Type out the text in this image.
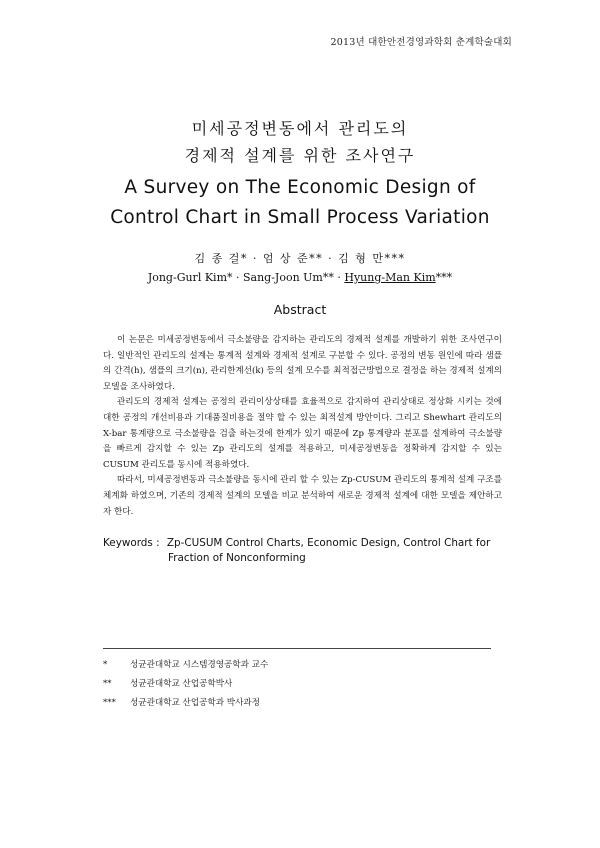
2013년 대한안전경영과학회 춘계학술대회
미세공정변동에서 관리도의
경제적 설계를 위한 조사연구
A Survey on The Economic Design of
Control Chart in Small Process Variation
김 종 걸* · 엄 상 준** · 김 형 만***
Jong-Gurl Kim* · Sang-Joon Um** · Hyung-Man Kim***
Abstract

이 논문은 미세공정변동에서 극소불량을 감지하는 관리도의 경제적 설계를 개발하기 위한 조사연구이다. 일반적인 관리도의 설계는 통계적 설계와 경제적 설계로 구분할 수 있다. 공정의 변동 원인에 따라 샘플의 간격(h), 샘플의 크기(n), 관리한계선(k) 등의 설계 모수를 최적접근방법으로 결정을 하는 경제적 설계의 모델을 조사하였다.

관리도의 경제적 설계는 공정의 관리이상상태를 효율적으로 감지하여 관리상태로 정상화 시키는 것에 대한 공정의 개선비용과 기대품질비용을 절약 할 수 있는 최적설계 방안이다. 그리고 Shewhart 관리도의 X-bar 통계량으로 극소불량을 검출 하는것에 한계가 있기 때문에 Zp 통계량과 분포를 설계하여 극소불량을 빠르게 감지할 수 있는 Zp 관리도의 설계를 적용하고, 미세공정변동을 정확하게 감지할 수 있는 CUSUM 관리도를 동시에 적용하였다.

따라서, 미세공정변동과 극소불량을 동시에 관리 할 수 있는 Zp-CUSUM 관리도의 통계적 설계 구조를 체계화 하였으며, 기존의 경제적 설계의 모델을 비교 분석하여 새로운 경제적 설계에 대한 모델을 제안하고자 한다.

Keywords : Zp-CUSUM Control Charts, Economic Design, Control Chart for
Fraction of Nonconforming
*	성균관대학교 시스템경영공학과 교수
**	성균관대학교 산업공학박사
***	성균관대학교 산업공학과 박사과정
